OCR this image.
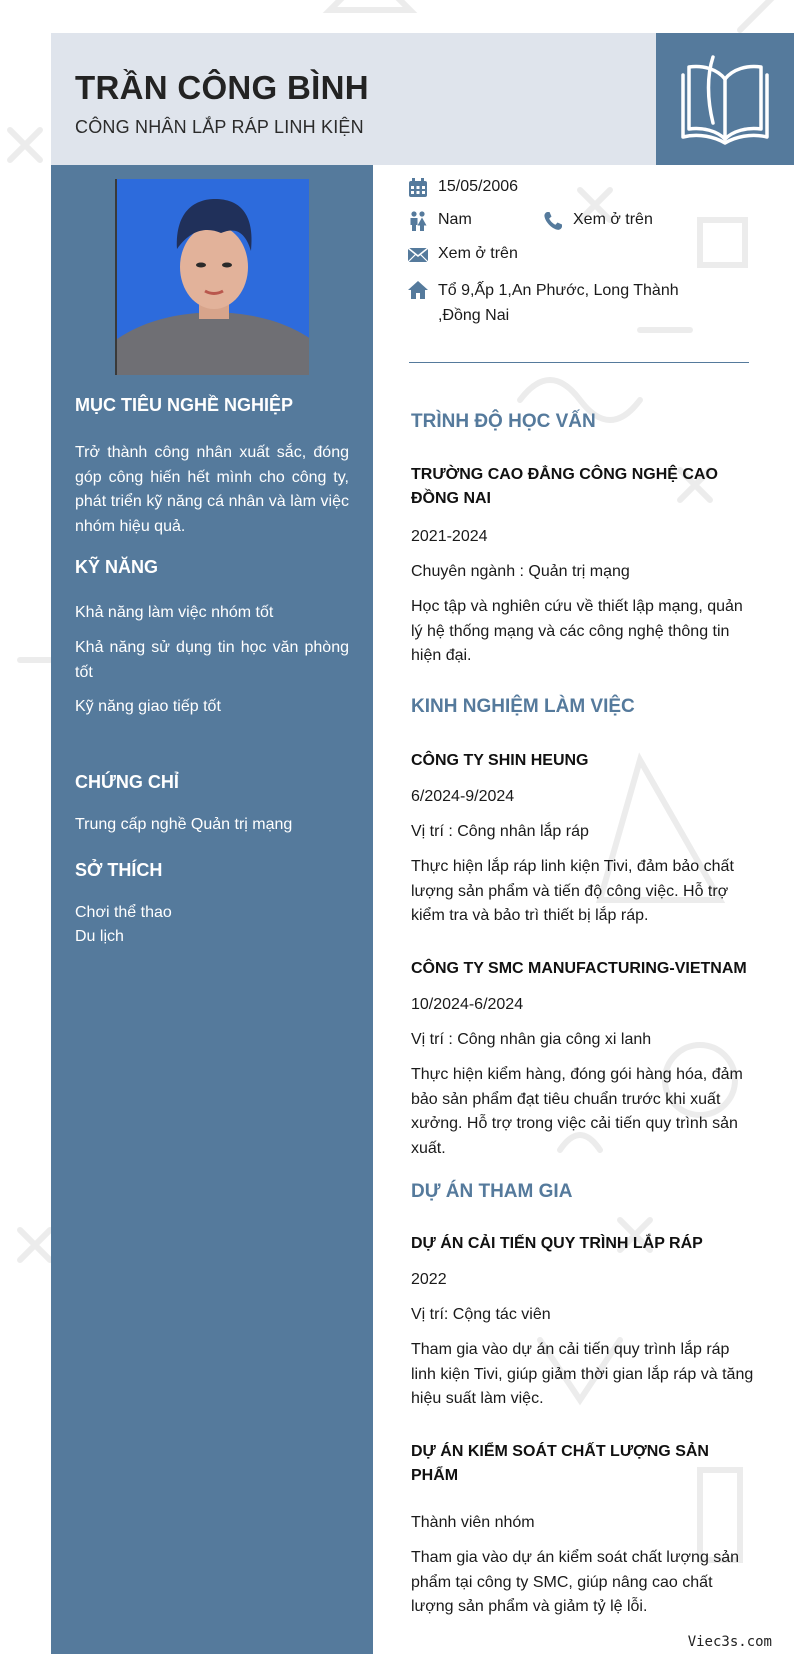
TRẦN CÔNG BÌNH
CÔNG NHÂN LẮP RÁP LINH KIỆN
MỤC TIÊU NGHỀ NGHIỆP
Trở thành công nhân xuất sắc, đóng góp công hiến hết mình cho công ty, phát triển kỹ năng cá nhân và làm việc nhóm hiệu quả.
KỸ NĂNG
Khả năng làm việc nhóm tốt
Khả năng sử dụng tin học văn phòng tốt
Kỹ năng giao tiếp tốt
CHỨNG CHỈ
Trung cấp nghề Quản trị mạng
SỞ THÍCH
Chơi thể thao
Du lịch
15/05/2006
Nam	Xem ở trên
Xem ở trên
Tổ 9,Ấp 1,An Phước, Long Thành ,Đồng Nai
TRÌNH ĐỘ HỌC VẤN
TRƯỜNG CAO ĐẲNG CÔNG NGHỆ CAO ĐỒNG NAI
2021-2024
Chuyên ngành : Quản trị mạng
Học tập và nghiên cứu về thiết lập mạng, quản lý hệ thống mạng và các công nghệ thông tin hiện đại.
KINH NGHIỆM LÀM VIỆC
CÔNG TY SHIN HEUNG
6/2024-9/2024
Vị trí : Công nhân lắp ráp
Thực hiện lắp ráp linh kiện Tivi, đảm bảo chất lượng sản phẩm và tiến độ công việc. Hỗ trợ kiểm tra và bảo trì thiết bị lắp ráp.
CÔNG TY SMC MANUFACTURING-VIETNAM
10/2024-6/2024
Vị trí : Công nhân gia công xi lanh
Thực hiện kiểm hàng, đóng gói hàng hóa, đảm bảo sản phẩm đạt tiêu chuẩn trước khi xuất xưởng. Hỗ trợ trong việc cải tiến quy trình sản xuất.
DỰ ÁN THAM GIA
DỰ ÁN CẢI TIẾN QUY TRÌNH LẮP RÁP
2022
Vị trí: Cộng tác viên
Tham gia vào dự án cải tiến quy trình lắp ráp linh kiện Tivi, giúp giảm thời gian lắp ráp và tăng hiệu suất làm việc.
DỰ ÁN KIỂM SOÁT CHẤT LƯỢNG SẢN PHẨM
Thành viên nhóm
Tham gia vào dự án kiểm soát chất lượng sản phẩm tại công ty SMC, giúp nâng cao chất lượng sản phẩm và giảm tỷ lệ lỗi.
Viec3s.com
